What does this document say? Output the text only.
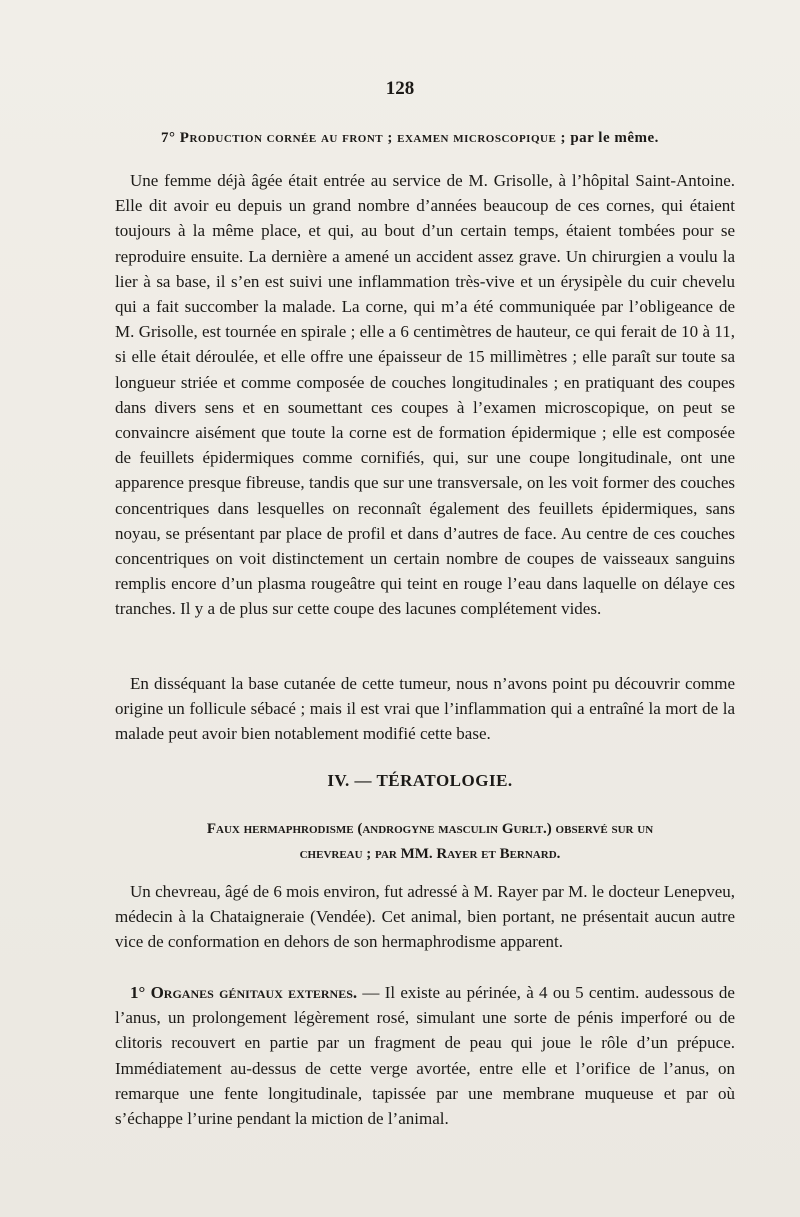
128
7° Production cornée au front ; examen microscopique ; par le même.

Une femme déjà âgée était entrée au service de M. Grisolle, à l’hôpital Saint-Antoine. Elle dit avoir eu depuis un grand nombre d’années beaucoup de ces cornes, qui étaient toujours à la même place, et qui, au bout d’un certain temps, étaient tombées pour se reproduire ensuite. La dernière a amené un accident assez grave. Un chirurgien a voulu la lier à sa base, il s’en est suivi une inflammation très-vive et un érysipèle du cuir chevelu qui a fait succomber la malade. La corne, qui m’a été communiquée par l’obligeance de M. Grisolle, est tournée en spirale ; elle a 6 centimètres de hauteur, ce qui ferait de 10 à 11, si elle était déroulée, et elle offre une épaisseur de 15 millimètres ; elle paraît sur toute sa longueur striée et comme composée de couches longitudinales ; en pratiquant des coupes dans divers sens et en soumettant ces coupes à l’examen microscopique, on peut se convaincre aisément que toute la corne est de formation épidermique ; elle est composée de feuillets épidermiques comme cornifiés, qui, sur une coupe longitudinale, ont une apparence presque fibreuse, tandis que sur une transversale, on les voit former des couches concentriques dans lesquelles on reconnaît également des feuillets épidermiques, sans noyau, se présentant par place de profil et dans d’autres de face. Au centre de ces couches concentriques on voit distinctement un certain nombre de coupes de vaisseaux sanguins remplis encore d’un plasma rougeâtre qui teint en rouge l’eau dans laquelle on délaye ces tranches. Il y a de plus sur cette coupe des lacunes complétement vides.

En disséquant la base cutanée de cette tumeur, nous n’avons point pu découvrir comme origine un follicule sébacé ; mais il est vrai que l’inflammation qui a entraîné la mort de la malade peut avoir bien notablement modifié cette base.

IV. — TÉRATOLOGIE.
Faux hermaphrodisme (androgyne masculin Gurlt.) observé sur un
chevreau ; par MM. Rayer et Bernard.

Un chevreau, âgé de 6 mois environ, fut adressé à M. Rayer par M. le docteur Lenepveu, médecin à la Chataigneraie (Vendée). Cet animal, bien portant, ne présentait aucun autre vice de conformation en dehors de son hermaphrodisme apparent.

1° Organes génitaux externes. — Il existe au périnée, à 4 ou 5 centim. audessous de l’anus, un prolongement légèrement rosé, simulant une sorte de pénis imperforé ou de clitoris recouvert en partie par un fragment de peau qui joue le rôle d’un prépuce. Immédiatement au-dessus de cette verge avortée, entre elle et l’orifice de l’anus, on remarque une fente longitudinale, tapissée par une membrane muqueuse et par où s’échappe l’urine pendant la miction de l’animal.
